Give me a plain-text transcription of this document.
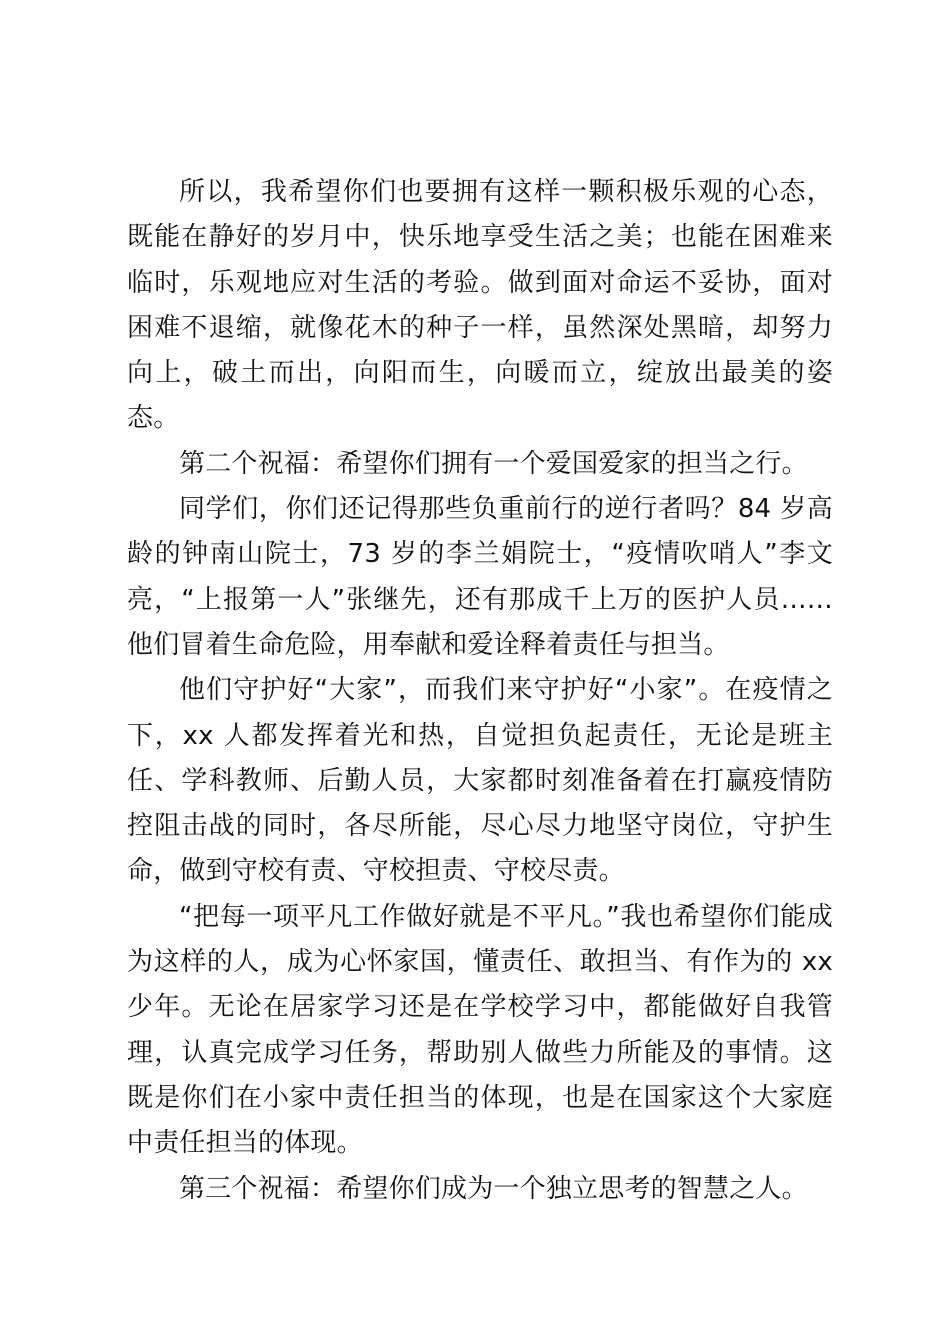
所以，我希望你们也要拥有这样一颗积极乐观的心态，既能在静好的岁月中，快乐地享受生活之美；也能在困难来临时，乐观地应对生活的考验。做到面对命运不妥协，面对困难不退缩，就像花木的种子一样，虽然深处黑暗，却努力向上，破土而出，向阳而生，向暖而立，绽放出最美的姿态。

第二个祝福：希望你们拥有一个爱国爱家的担当之行。

同学们，你们还记得那些负重前行的逆行者吗？84 岁高龄的钟南山院士，73 岁的李兰娟院士，“疫情吹哨人”李文亮，“上报第一人”张继先，还有那成千上万的医护人员……他们冒着生命危险，用奉献和爱诠释着责任与担当。

他们守护好“大家”，而我们来守护好“小家”。在疫情之下，xx 人都发挥着光和热，自觉担负起责任，无论是班主任、学科教师、后勤人员，大家都时刻准备着在打赢疫情防控阻击战的同时，各尽所能，尽心尽力地坚守岗位，守护生命，做到守校有责、守校担责、守校尽责。

“把每一项平凡工作做好就是不平凡。”我也希望你们能成为这样的人，成为心怀家国，懂责任、敢担当、有作为的 xx 少年。无论在居家学习还是在学校学习中，都能做好自我管理，认真完成学习任务，帮助别人做些力所能及的事情。这既是你们在小家中责任担当的体现，也是在国家这个大家庭中责任担当的体现。

第三个祝福：希望你们成为一个独立思考的智慧之人。
